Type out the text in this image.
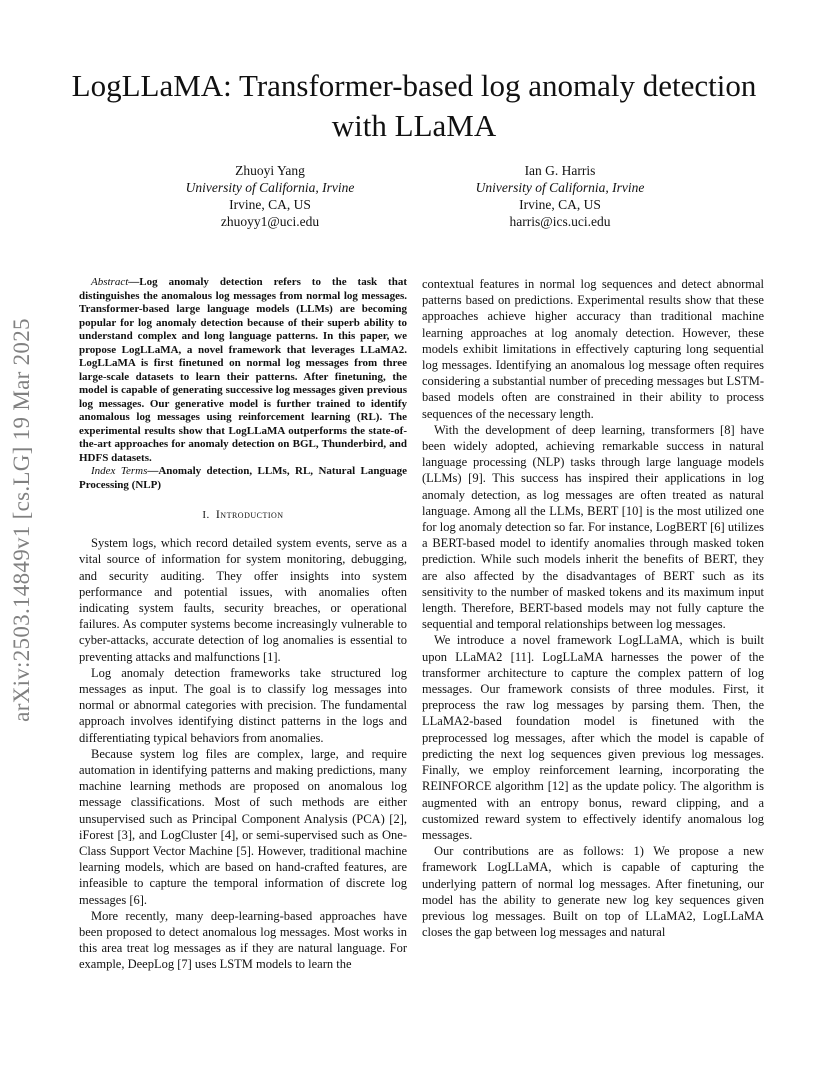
arXiv:2503.14849v1 [cs.LG] 19 Mar 2025
LogLLaMA: Transformer-based log anomaly detection with LLaMA
Zhuoyi Yang
University of California, Irvine
Irvine, CA, US
zhuoyy1@uci.edu
Ian G. Harris
University of California, Irvine
Irvine, CA, US
harris@ics.uci.edu

Abstract—Log anomaly detection refers to the task that distinguishes the anomalous log messages from normal log messages. Transformer-based large language models (LLMs) are becoming popular for log anomaly detection because of their superb ability to understand complex and long language patterns. In this paper, we propose LogLLaMA, a novel framework that leverages LLaMA2. LogLLaMA is first finetuned on normal log messages from three large-scale datasets to learn their patterns. After finetuning, the model is capable of generating successive log messages given previous log messages. Our generative model is further trained to identify anomalous log messages using reinforcement learning (RL). The experimental results show that LogLLaMA outperforms the state-of-the-art approaches for anomaly detection on BGL, Thunderbird, and HDFS datasets.

Index Terms—Anomaly detection, LLMs, RL, Natural Language Processing (NLP)

I. Introduction

System logs, which record detailed system events, serve as a vital source of information for system monitoring, debugging, and security auditing. They offer insights into system performance and potential issues, with anomalies often indicating system faults, security breaches, or operational failures. As computer systems become increasingly vulnerable to cyber-attacks, accurate detection of log anomalies is essential to preventing attacks and malfunctions [1].

Log anomaly detection frameworks take structured log messages as input. The goal is to classify log messages into normal or abnormal categories with precision. The fundamental approach involves identifying distinct patterns in the logs and differentiating typical behaviors from anomalies.

Because system log files are complex, large, and require automation in identifying patterns and making predictions, many machine learning methods are proposed on anomalous log message classifications. Most of such methods are either unsupervised such as Principal Component Analysis (PCA) [2], iForest [3], and LogCluster [4], or semi-supervised such as One-Class Support Vector Machine [5]. However, traditional machine learning models, which are based on hand-crafted features, are infeasible to capture the temporal information of discrete log messages [6].

More recently, many deep-learning-based approaches have been proposed to detect anomalous log messages. Most works in this area treat log messages as if they are natural language. For example, DeepLog [7] uses LSTM models to learn the

contextual features in normal log sequences and detect abnormal patterns based on predictions. Experimental results show that these approaches achieve higher accuracy than traditional machine learning approaches at log anomaly detection. However, these models exhibit limitations in effectively capturing long sequential log messages. Identifying an anomalous log message often requires considering a substantial number of preceding messages but LSTM-based models often are constrained in their ability to process sequences of the necessary length.

With the development of deep learning, transformers [8] have been widely adopted, achieving remarkable success in natural language processing (NLP) tasks through large language models (LLMs) [9]. This success has inspired their applications in log anomaly detection, as log messages are often treated as natural language. Among all the LLMs, BERT [10] is the most utilized one for log anomaly detection so far. For instance, LogBERT [6] utilizes a BERT-based model to identify anomalies through masked token prediction. While such models inherit the benefits of BERT, they are also affected by the disadvantages of BERT such as its sensitivity to the number of masked tokens and its maximum input length. Therefore, BERT-based models may not fully capture the sequential and temporal relationships between log messages.

We introduce a novel framework LogLLaMA, which is built upon LLaMA2 [11]. LogLLaMA harnesses the power of the transformer architecture to capture the complex pattern of log messages. Our framework consists of three modules. First, it preprocess the raw log messages by parsing them. Then, the LLaMA2-based foundation model is finetuned with the preprocessed log messages, after which the model is capable of predicting the next log sequences given previous log messages. Finally, we employ reinforcement learning, incorporating the REINFORCE algorithm [12] as the update policy. The algorithm is augmented with an entropy bonus, reward clipping, and a customized reward system to effectively identify anomalous log messages.

Our contributions are as follows: 1) We propose a new framework LogLLaMA, which is capable of capturing the underlying pattern of normal log messages. After finetuning, our model has the ability to generate new log key sequences given previous log messages. Built on top of LLaMA2, LogLLaMA closes the gap between log messages and natural
